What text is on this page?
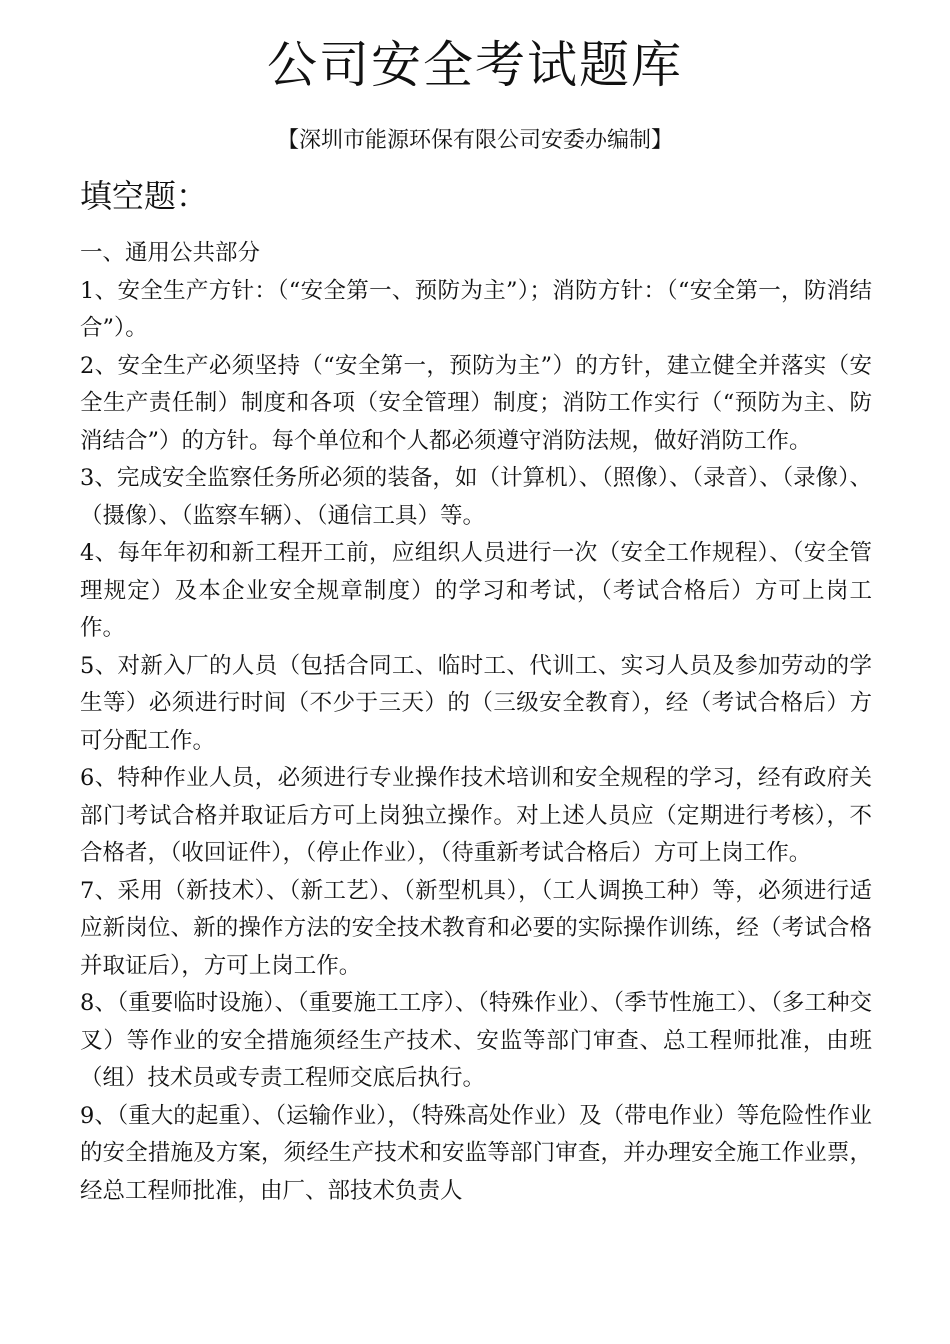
公司安全考试题库
【深圳市能源环保有限公司安委办编制】
填空题：

一、通用公共部分

1、安全生产方针：（“安全第一、预防为主”）；消防方针：（“安全第一，防消结合”）。

2、安全生产必须坚持（“安全第一，预防为主”）的方针，建立健全并落实（安全生产责任制）制度和各项（安全管理）制度；消防工作实行（“预防为主、防消结合”）的方针。每个单位和个人都必须遵守消防法规，做好消防工作。

3、完成安全监察任务所必须的装备，如（计算机）、（照像）、（录音）、（录像）、（摄像）、（监察车辆）、（通信工具）等。

4、每年年初和新工程开工前，应组织人员进行一次（安全工作规程）、（安全管理规定）及本企业安全规章制度）的学习和考试，（考试合格后）方可上岗工作。

5、对新入厂的人员（包括合同工、临时工、代训工、实习人员及参加劳动的学生等）必须进行时间（不少于三天）的（三级安全教育），经（考试合格后）方可分配工作。

6、特种作业人员，必须进行专业操作技术培训和安全规程的学习，经有政府关部门考试合格并取证后方可上岗独立操作。对上述人员应（定期进行考核），不合格者，（收回证件），（停止作业），（待重新考试合格后）方可上岗工作。

7、采用（新技术）、（新工艺）、（新型机具），（工人调换工种）等，必须进行适应新岗位、新的操作方法的安全技术教育和必要的实际操作训练，经（考试合格并取证后），方可上岗工作。

8、（重要临时设施）、（重要施工工序）、（特殊作业）、（季节性施工）、（多工种交叉）等作业的安全措施须经生产技术、安监等部门审查、总工程师批准，由班（组）技术员或专责工程师交底后执行。

9、（重大的起重）、（运输作业），（特殊高处作业）及（带电作业）等危险性作业的安全措施及方案，须经生产技术和安监等部门审查，并办理安全施工作业票，经总工程师批准，由厂、部技术负责人
